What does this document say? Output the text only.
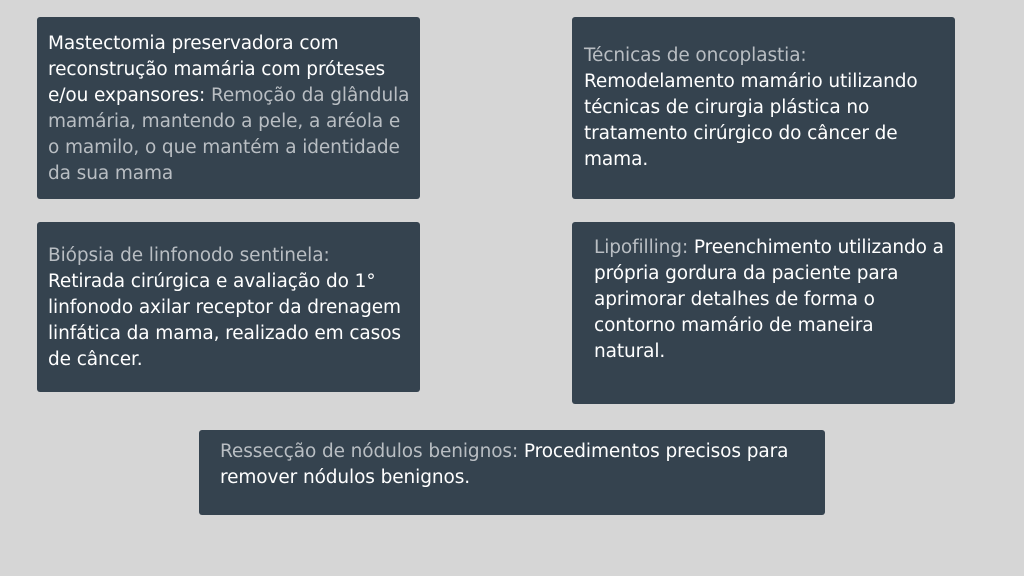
Mastectomia preservadora com reconstrução mamária com próteses e/ou expansores: Remoção da glândula mamária, mantendo a pele, a aréola e o mamilo, o que mantém a identidade da sua mama
Técnicas de oncoplastia:
Remodelamento mamário utilizando técnicas de cirurgia plástica no tratamento cirúrgico do câncer de mama.
Biópsia de linfonodo sentinela:
Retirada cirúrgica e avaliação do 1° linfonodo axilar receptor da drenagem linfática da mama, realizado em casos de câncer.
Lipofilling: Preenchimento utilizando a própria gordura da paciente para aprimorar detalhes de forma o contorno mamário de maneira natural.
Ressecção de nódulos benignos: Procedimentos precisos para remover nódulos benignos.
